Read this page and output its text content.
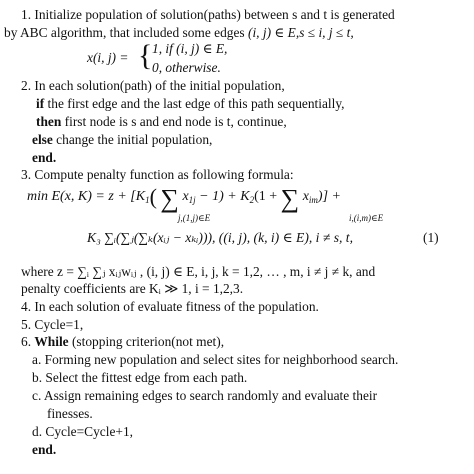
1. Initialize population of solution(paths) between s and t is generated
by ABC algorithm, that included some edges (i, j) ∈ E,s ≤ i, j ≤ t,
x(i, j) = { 1, if (i, j) ∈ E,
0, otherwise.
2. In each solution(path) of the initial population,
if the first edge and the last edge of this path sequentially,
then first node is s and end node is t, continue,
else change the initial population,
end.
3. Compute penalty function as following formula:
min E(x, $K) = z + [K_1$( ∑ $x_{1j} - 1) + K_2(1$ + ∑ $x_{im}$)] +
j,(1,j)∈E	i,(i,m)∈E
K₃ ∑ᵢ(∑ⱼ(∑ₖ(xᵢⱼ − xₖᵢ))), ((i, j), (k, i) ∈ E), i ≠ s, t,	(1)
where z = ∑ᵢ ∑ⱼ xᵢⱼwᵢⱼ , (i, j) ∈ E, i, j, k = 1,2, … , m, i ≠ j ≠ k, and
penalty coefficients are Kᵢ ≫ 1, i = 1,2,3.
4. In each solution of evaluate fitness of the population.
5. Cycle=1,
6. While (stopping criterion(not met),
a. Forming new population and select sites for neighborhood search.
b. Select the fittest edge from each path.
c. Assign remaining edges to search randomly and evaluate their
finesses.
d. Cycle=Cycle+1,
end.
